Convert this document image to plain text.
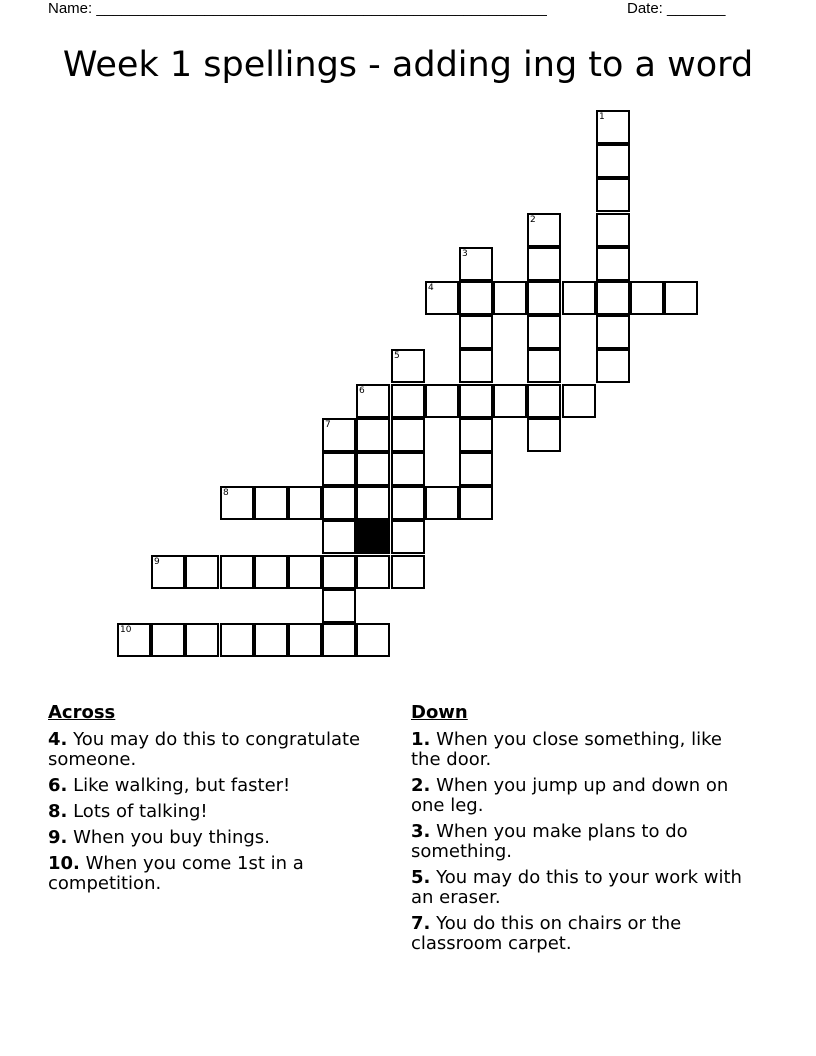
Name: ______________________________________________________	Date: _______
Week 1 spellings - adding ing to a word
1
2
3
4
5
6
7
8
9
10
Across
4. You may do this to congratulate someone.
6. Like walking, but faster!
8. Lots of talking!
9. When you buy things.
10. When you come 1st in a competition.
Down
1. When you close something, like the door.
2. When you jump up and down on one leg.
3. When you make plans to do something.
5. You may do this to your work with an eraser.
7. You do this on chairs or the classroom carpet.
